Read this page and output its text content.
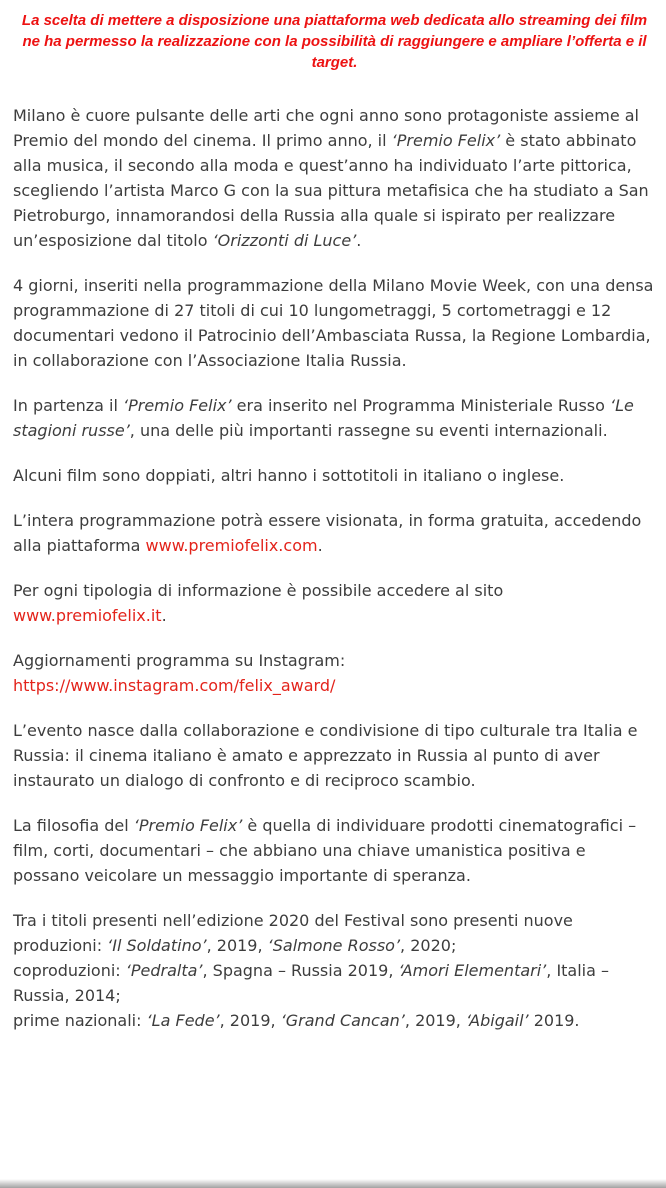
La scelta di mettere a disposizione una piattaforma web dedicata allo streaming dei film ne ha permesso la realizzazione con la possibilità di raggiungere e ampliare l’offerta e il target.

Milano è cuore pulsante delle arti che ogni anno sono protagoniste assieme al Premio del mondo del cinema. Il primo anno, il ‘Premio Felix’ è stato abbinato alla musica, il secondo alla moda e quest’anno ha individuato l’arte pittorica, scegliendo l’artista Marco G con la sua pittura metafisica che ha studiato a San Pietroburgo, innamorandosi della Russia alla quale si ispirato per realizzare un’esposizione dal titolo ‘Orizzonti di Luce’.

4 giorni, inseriti nella programmazione della Milano Movie Week, con una densa programmazione di 27 titoli di cui 10 lungometraggi, 5 cortometraggi e 12 documentari vedono il Patrocinio dell’Ambasciata Russa, la Regione Lombardia, in collaborazione con l’Associazione Italia Russia.

In partenza il ‘Premio Felix’ era inserito nel Programma Ministeriale Russo ‘Le stagioni russe’, una delle più importanti rassegne su eventi internazionali.

Alcuni film sono doppiati, altri hanno i sottotitoli in italiano o inglese.

L’intera programmazione potrà essere visionata, in forma gratuita, accedendo alla piattaforma www.premiofelix.com.

Per ogni tipologia di informazione è possibile accedere al sito www.premiofelix.it.

Aggiornamenti programma su Instagram:
https://www.instagram.com/felix_award/

L’evento nasce dalla collaborazione e condivisione di tipo culturale tra Italia e Russia: il cinema italiano è amato e apprezzato in Russia al punto di aver instaurato un dialogo di confronto e di reciproco scambio.

La filosofia del ‘Premio Felix’ è quella di individuare prodotti cinematografici – film, corti, documentari – che abbiano una chiave umanistica positiva e possano veicolare un messaggio importante di speranza.

Tra i titoli presenti nell’edizione 2020 del Festival sono presenti nuove produzioni: ‘Il Soldatino’, 2019, ‘Salmone Rosso’, 2020;
coproduzioni: ‘Pedralta’, Spagna – Russia 2019, ‘Amori Elementari’, Italia – Russia, 2014;
prime nazionali: ‘La Fede’, 2019, ‘Grand Cancan’, 2019, ‘Abigail’ 2019.
